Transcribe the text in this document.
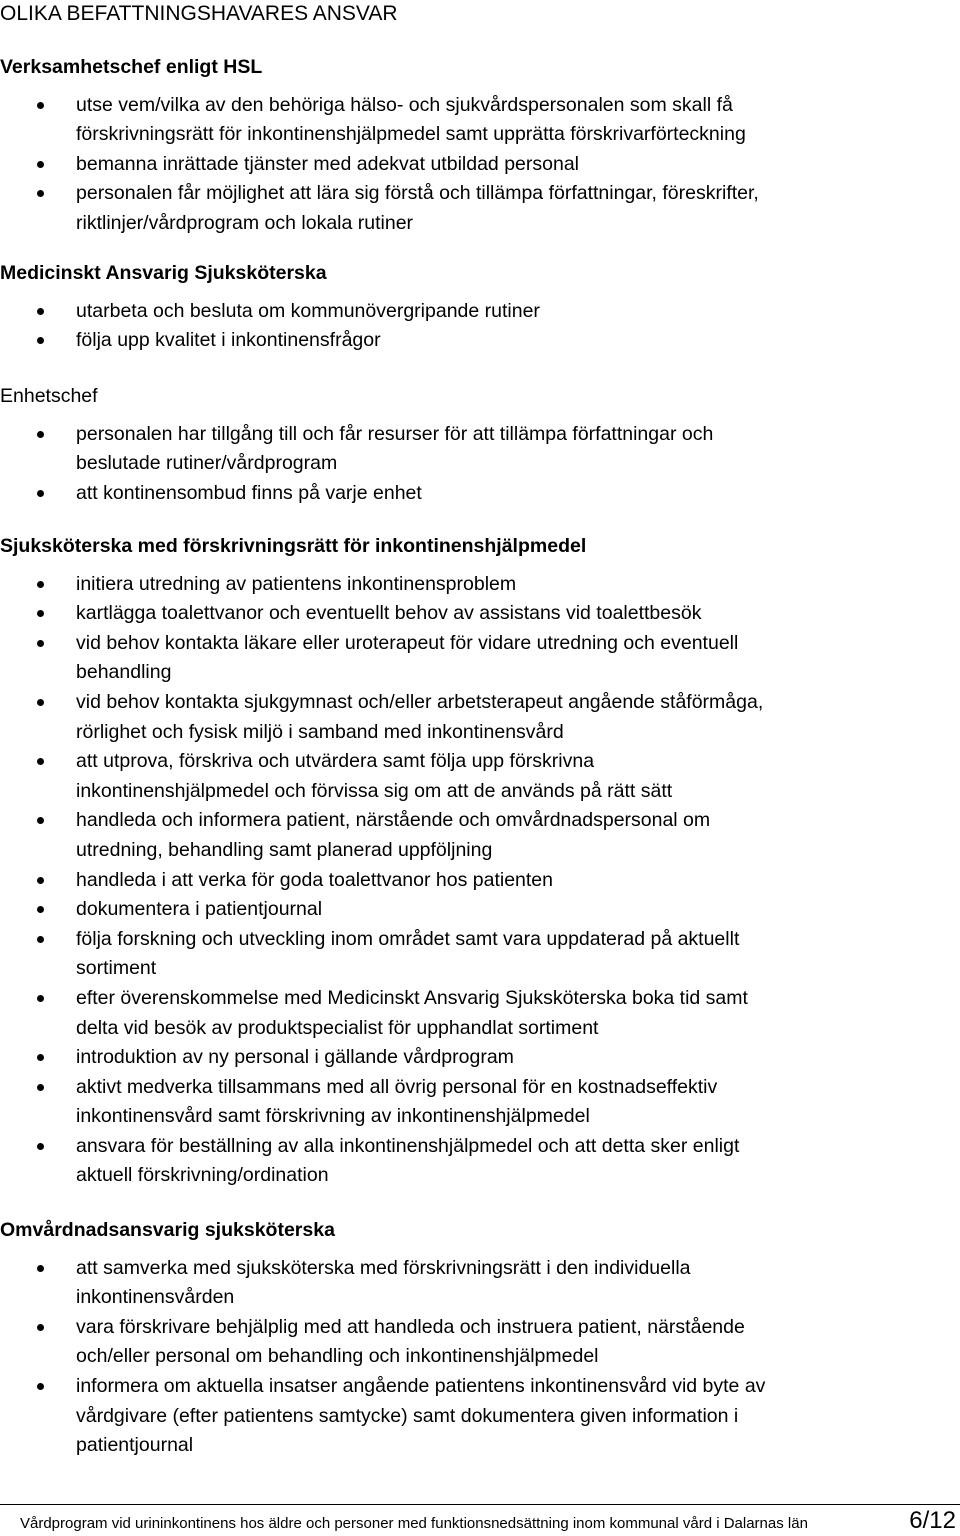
OLIKA BEFATTNINGSHAVARES ANSVAR
Verksamhetschef enligt HSL
utse vem/vilka av den behöriga hälso- och sjukvårdspersonalen som skall få
förskrivningsrätt för inkontinenshjälpmedel samt upprätta förskrivarförteckning
bemanna inrättade tjänster med adekvat utbildad personal
personalen får möjlighet att lära sig förstå och tillämpa författningar, föreskrifter,
riktlinjer/vårdprogram och lokala rutiner
Medicinskt Ansvarig Sjuksköterska
utarbeta och besluta om kommunövergripande rutiner
följa upp kvalitet i inkontinensfrågor
Enhetschef
personalen har tillgång till och får resurser för att tillämpa författningar och
beslutade rutiner/vårdprogram
att kontinensombud finns på varje enhet
Sjuksköterska med förskrivningsrätt för inkontinenshjälpmedel
initiera utredning av patientens inkontinensproblem
kartlägga toalettvanor och eventuellt behov av assistans vid toalettbesök
vid behov kontakta läkare eller uroterapeut för vidare utredning och eventuell
behandling
vid behov kontakta sjukgymnast och/eller arbetsterapeut angående ståförmåga,
rörlighet och fysisk miljö i samband med inkontinensvård
att utprova, förskriva och utvärdera samt följa upp förskrivna
inkontinenshjälpmedel och förvissa sig om att de används på rätt sätt
handleda och informera patient, närstående och omvårdnadspersonal om
utredning, behandling samt planerad uppföljning
handleda i att verka för goda toalettvanor hos patienten
dokumentera i patientjournal
följa forskning och utveckling inom området samt vara uppdaterad på aktuellt
sortiment
efter överenskommelse med Medicinskt Ansvarig Sjuksköterska boka tid samt
delta vid besök av produktspecialist för upphandlat sortiment
introduktion av ny personal i gällande vårdprogram
aktivt medverka tillsammans med all övrig personal för en kostnadseffektiv
inkontinensvård samt förskrivning av inkontinenshjälpmedel
ansvara för beställning av alla inkontinenshjälpmedel och att detta sker enligt
aktuell förskrivning/ordination
Omvårdnadsansvarig sjuksköterska
att samverka med sjuksköterska med förskrivningsrätt i den individuella
inkontinensvården
vara förskrivare behjälplig med att handleda och instruera patient, närstående
och/eller personal om behandling och inkontinenshjälpmedel
informera om aktuella insatser angående patientens inkontinensvård vid byte av
vårdgivare (efter patientens samtycke) samt dokumentera given information i
patientjournal
Vårdprogram vid urininkontinens hos äldre och personer med funktionsnedsättning inom kommunal vård i Dalarnas län	6/12
